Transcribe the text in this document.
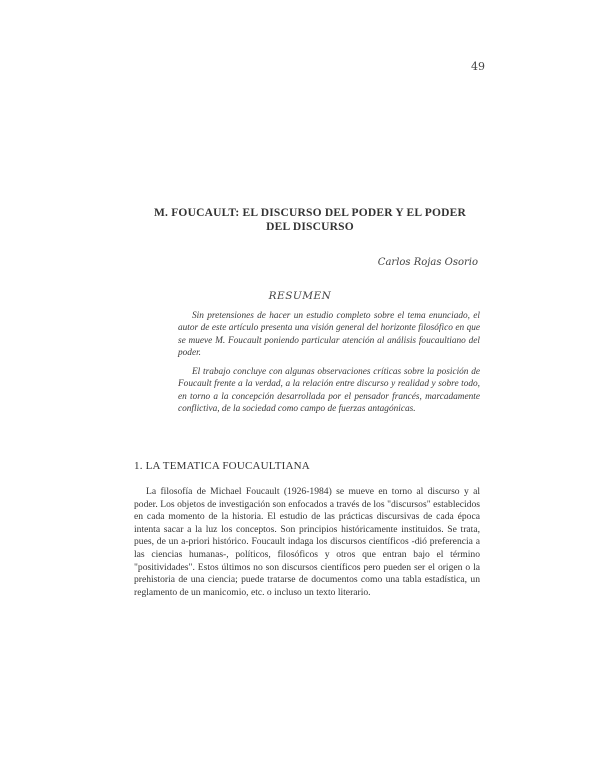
49
M. FOUCAULT: EL DISCURSO DEL PODER Y EL PODER DEL DISCURSO
Carlos Rojas Osorio
RESUMEN

Sin pretensiones de hacer un estudio completo sobre el tema enunciado, el autor de este artículo presenta una visión general del horizonte filosófico en que se mueve M. Foucault poniendo particular atención al análisis foucaultiano del poder.

El trabajo concluye con algunas observaciones críticas sobre la posición de Foucault frente a la verdad, a la relación entre discurso y realidad y sobre todo, en torno a la concepción desarrollada por el pensador francés, marcadamente conflictiva, de la sociedad como campo de fuerzas antagónicas.

1. LA TEMATICA FOUCAULTIANA

La filosofía de Michael Foucault (1926-1984) se mueve en torno al discurso y al poder. Los objetos de investigación son enfocados a través de los "discursos" establecidos en cada momento de la historia. El estudio de las prácticas discursivas de cada época intenta sacar a la luz los conceptos. Son principios históricamente instituidos. Se trata, pues, de un a-priori histórico. Foucault indaga los discursos científicos -dió preferencia a las ciencias humanas-, políticos, filosóficos y otros que entran bajo el término "positividades". Estos últimos no son discursos científicos pero pueden ser el origen o la prehistoria de una ciencia; puede tratarse de documentos como una tabla estadística, un reglamento de un manicomio, etc. o incluso un texto literario.
